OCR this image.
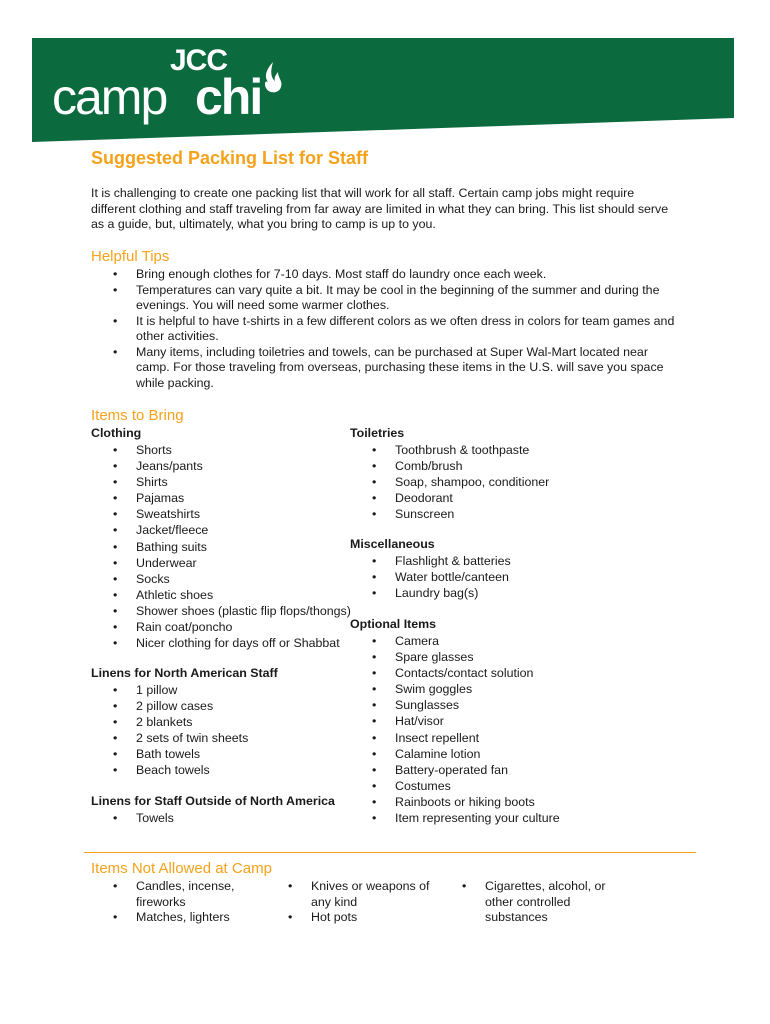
JCC
camp chi
Suggested Packing List for Staff
It is challenging to create one packing list that will work for all staff. Certain camp jobs might require different clothing and staff traveling from far away are limited in what they can bring. This list should serve as a guide, but, ultimately, what you bring to camp is up to you.
Helpful Tips
• Bring enough clothes for 7-10 days. Most staff do laundry once each week.
• Temperatures can vary quite a bit. It may be cool in the beginning of the summer and during the evenings. You will need some warmer clothes.
• It is helpful to have t-shirts in a few different colors as we often dress in colors for team games and other activities.
• Many items, including toiletries and towels, can be purchased at Super Wal-Mart located near camp. For those traveling from overseas, purchasing these items in the U.S. will save you space while packing.
Items to Bring
Clothing
• Shorts
• Jeans/pants
• Shirts
• Pajamas
• Sweatshirts
• Jacket/fleece
• Bathing suits
• Underwear
• Socks
• Athletic shoes
• Shower shoes (plastic flip flops/thongs)
• Rain coat/poncho
• Nicer clothing for days off or Shabbat
Linens for North American Staff
• 1 pillow
• 2 pillow cases
• 2 blankets
• 2 sets of twin sheets
• Bath towels
• Beach towels
Linens for Staff Outside of North America
• Towels
Toiletries
• Toothbrush & toothpaste
• Comb/brush
• Soap, shampoo, conditioner
• Deodorant
• Sunscreen
Miscellaneous
• Flashlight & batteries
• Water bottle/canteen
• Laundry bag(s)
Optional Items
• Camera
• Spare glasses
• Contacts/contact solution
• Swim goggles
• Sunglasses
• Hat/visor
• Insect repellent
• Calamine lotion
• Battery-operated fan
• Costumes
• Rainboots or hiking boots
• Item representing your culture
Items Not Allowed at Camp
• Candles, incense, fireworks
• Matches, lighters
• Knives or weapons of any kind
• Hot pots
• Cigarettes, alcohol, or other controlled substances
